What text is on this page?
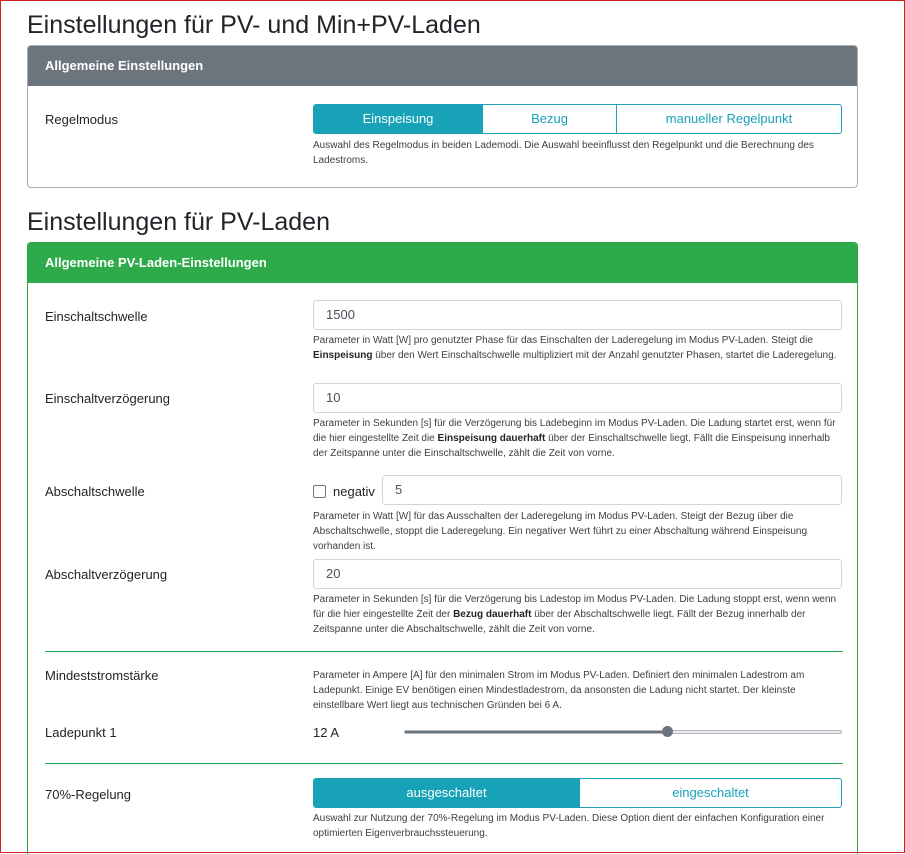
Einstellungen für PV- und Min+PV-Laden
Allgemeine Einstellungen
Regelmodus	Einspeisung	Bezug	manueller Regelpunkt
Auswahl des Regelmodus in beiden Lademodi. Die Auswahl beeinflusst den Regelpunkt und die Berechnung des Ladestroms.
Einstellungen für PV-Laden
Allgemeine PV-Laden-Einstellungen
Einschaltschwelle	1500
Parameter in Watt [W] pro genutzter Phase für das Einschalten der Laderegelung im Modus PV-Laden. Steigt die Einspeisung über den Wert Einschaltschwelle multipliziert mit der Anzahl genutzter Phasen, startet die Laderegelung.
Einschaltverzögerung	10
Parameter in Sekunden [s] für die Verzögerung bis Ladebeginn im Modus PV-Laden. Die Ladung startet erst, wenn für die hier eingestellte Zeit die Einspeisung dauerhaft über der Einschaltschwelle liegt. Fällt die Einspeisung innerhalb der Zeitspanne unter die Einschaltschwelle, zählt die Zeit von vorne.
Abschaltschwelle	negativ	5
Parameter in Watt [W] für das Ausschalten der Laderegelung im Modus PV-Laden. Steigt der Bezug über die Abschaltschwelle, stoppt die Laderegelung. Ein negativer Wert führt zu einer Abschaltung während Einspeisung vorhanden ist.
Abschaltverzögerung	20
Parameter in Sekunden [s] für die Verzögerung bis Ladestop im Modus PV-Laden. Die Ladung stoppt erst, wenn wenn für die hier eingestellte Zeit der Bezug dauerhaft über der Abschaltschwelle liegt. Fällt der Bezug innerhalb der Zeitspanne unter die Abschaltschwelle, zählt die Zeit von vorne.
Mindeststromstärke	Parameter in Ampere [A] für den minimalen Strom im Modus PV-Laden. Definiert den minimalen Ladestrom am Ladepunkt. Einige EV benötigen einen Mindestladestrom, da ansonsten die Ladung nicht startet. Der kleinste einstellbare Wert liegt aus technischen Gründen bei 6 A.
Ladepunkt 1	12 A
70%-Regelung	ausgeschaltet	eingeschaltet
Auswahl zur Nutzung der 70%-Regelung im Modus PV-Laden. Diese Option dient der einfachen Konfiguration einer optimierten Eigenverbrauchssteuerung.
